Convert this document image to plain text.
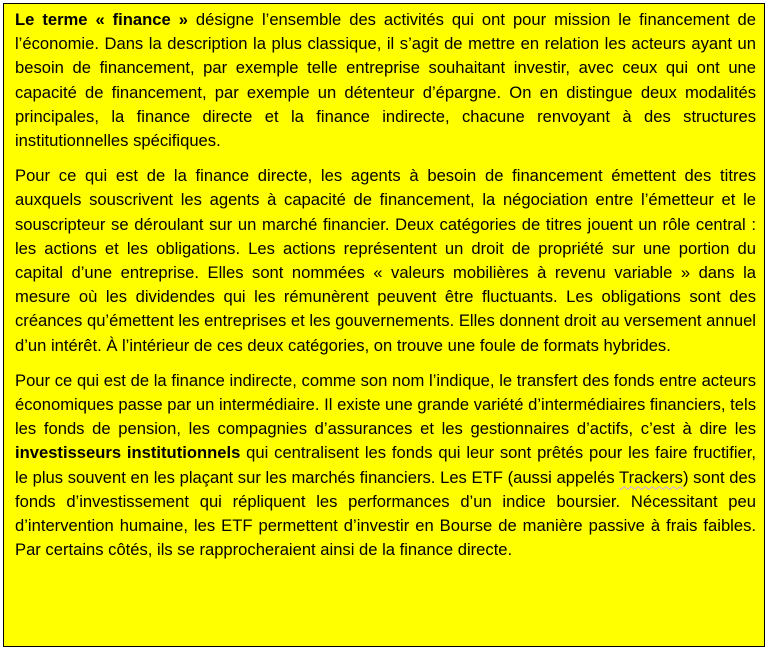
Le terme « finance » désigne l’ensemble des activités qui ont pour mission le financement de l’économie. Dans la description la plus classique, il s’agit de mettre en relation les acteurs ayant un besoin de financement, par exemple telle entreprise souhaitant investir, avec ceux qui ont une capacité de financement, par exemple un détenteur d’épargne. On en distingue deux modalités principales, la finance directe et la finance indirecte, chacune renvoyant à des structures institutionnelles spécifiques.

Pour ce qui est de la finance directe, les agents à besoin de financement émettent des titres auxquels souscrivent les agents à capacité de financement, la négociation entre l’émetteur et le souscripteur se déroulant sur un marché financier. Deux catégories de titres jouent un rôle central : les actions et les obligations. Les actions représentent un droit de propriété sur une portion du capital d’une entreprise. Elles sont nommées « valeurs mobilières à revenu variable » dans la mesure où les dividendes qui les rémunèrent peuvent être fluctuants. Les obligations sont des créances qu’émettent les entreprises et les gouvernements. Elles donnent droit au versement annuel d’un intérêt. À l’intérieur de ces deux catégories, on trouve une foule de formats hybrides.

Pour ce qui est de la finance indirecte, comme son nom l’indique, le transfert des fonds entre acteurs économiques passe par un intermédiaire. Il existe une grande variété d’intermédiaires financiers, tels les fonds de pension, les compagnies d’assurances et les gestionnaires d’actifs, c’est à dire les investisseurs institutionnels qui centralisent les fonds qui leur sont prêtés pour les faire fructifier, le plus souvent en les plaçant sur les marchés financiers. Les ETF (aussi appelés Trackers) sont des fonds d’investissement qui répliquent les performances d’un indice boursier. Nécessitant peu d’intervention humaine, les ETF permettent d’investir en Bourse de manière passive à frais faibles. Par certains côtés, ils se rapprocheraient ainsi de la finance directe.
